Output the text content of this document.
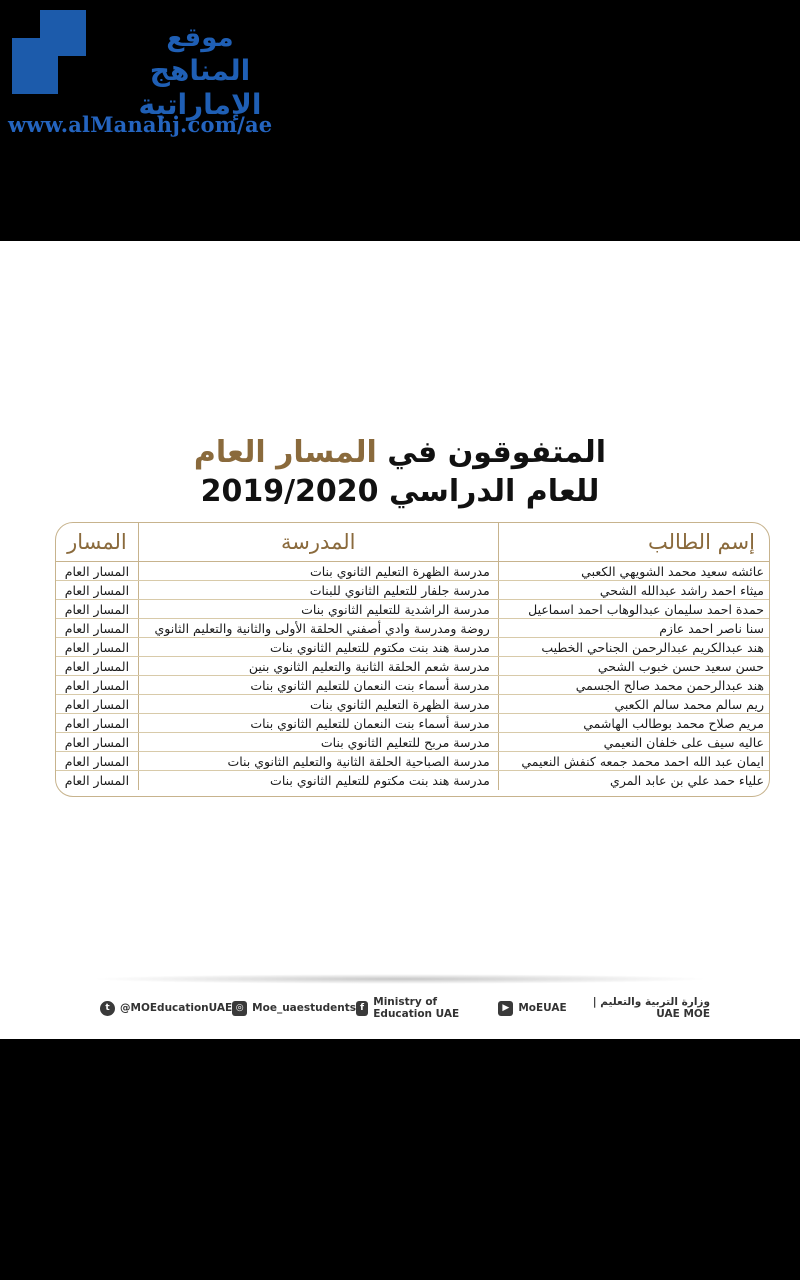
موقع
المناهج الإماراتية
www.alManahj.com/ae
المتفوقون في المسار العام
للعام الدراسي 2019/2020
إسم الطالب
المدرسة
المسار
عائشه سعيد محمد الشويهي الكعبي
مدرسة الظهرة التعليم الثانوي بنات
المسار العام
ميثاء احمد راشد عبدالله الشحي
مدرسة جلفار للتعليم الثانوي للبنات
المسار العام
حمدة احمد سليمان عبدالوهاب احمد اسماعيل
مدرسة الراشدية للتعليم الثانوي بنات
المسار العام
سنا ناصر احمد عازم
روضة ومدرسة وادي أصفني الحلقة الأولى والثانية والتعليم الثانوي
المسار العام
هند عبدالكريم عبدالرحمن الجناحي الخطيب
مدرسة هند بنت مكتوم للتعليم الثانوي بنات
المسار العام
حسن سعيد حسن خبوب الشحي
مدرسة شعم الحلقة الثانية والتعليم الثانوي بنين
المسار العام
هند عبدالرحمن محمد صالح الجسمي
مدرسة أسماء بنت النعمان للتعليم الثانوي بنات
المسار العام
ريم سالم محمد سالم الكعبي
مدرسة الظهرة التعليم الثانوي بنات
المسار العام
مريم صلاح محمد بوطالب الهاشمي
مدرسة أسماء بنت النعمان للتعليم الثانوي بنات
المسار العام
عاليه سيف على خلفان النعيمي
مدرسة مربح للتعليم الثانوي بنات
المسار العام
ايمان عبد الله احمد محمد جمعه كنفش النعيمي
مدرسة الصباحية الحلقة الثانية والتعليم الثانوي بنات
المسار العام
علياء حمد علي بن عابد المري
مدرسة هند بنت مكتوم للتعليم الثانوي بنات
المسار العام
t @MOEducationUAE ◎ Moe_uaestudents f Ministry of Education UAE	▶ MoEUAE	وزارة التربية والتعليم | UAE MOE
